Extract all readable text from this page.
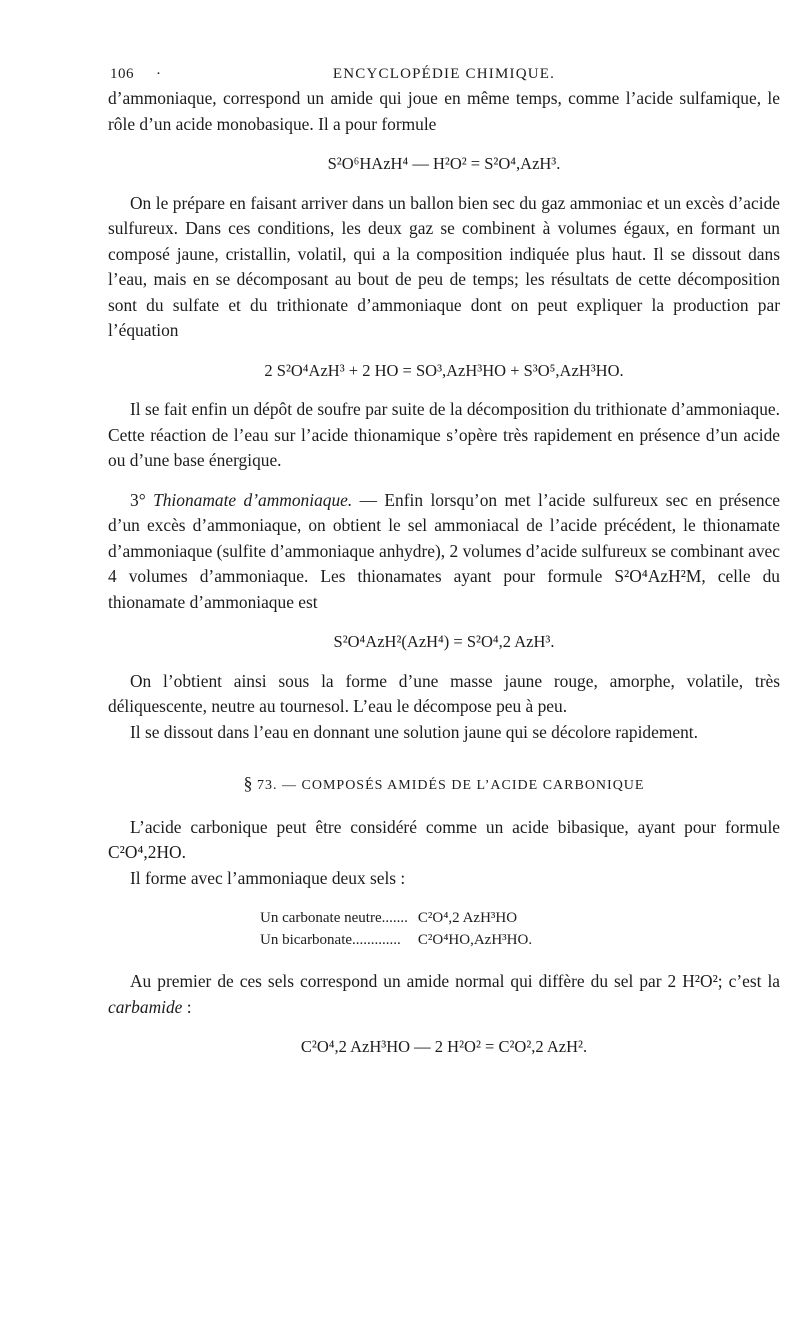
106 ·	ENCYCLOPÉDIE CHIMIQUE.

d’ammoniaque, correspond un amide qui joue en même temps, comme l’acide sulfamique, le rôle d’un acide monobasique. Il a pour formule

S²O⁶HAzH⁴ — H²O² = S²O⁴,AzH³.

On le prépare en faisant arriver dans un ballon bien sec du gaz ammoniac et un excès d’acide sulfureux. Dans ces conditions, les deux gaz se combinent à volumes égaux, en formant un composé jaune, cristallin, volatil, qui a la composition indiquée plus haut. Il se dissout dans l’eau, mais en se décomposant au bout de peu de temps; les résultats de cette décomposition sont du sulfate et du trithionate d’ammoniaque dont on peut expliquer la production par l’équation

2 S²O⁴AzH³ + 2 HO = SO³,AzH³HO + S³O⁵,AzH³HO.

Il se fait enfin un dépôt de soufre par suite de la décomposition du trithionate d’ammoniaque. Cette réaction de l’eau sur l’acide thionamique s’opère très rapidement en présence d’un acide ou d’une base énergique.

3° Thionamate d’ammoniaque. — Enfin lorsqu’on met l’acide sulfureux sec en présence d’un excès d’ammoniaque, on obtient le sel ammoniacal de l’acide précédent, le thionamate d’ammoniaque (sulfite d’ammoniaque anhydre), 2 volumes d’acide sulfureux se combinant avec 4 volumes d’ammoniaque. Les thionamates ayant pour formule S²O⁴AzH²M, celle du thionamate d’ammoniaque est

S²O⁴AzH²(AzH⁴) = S²O⁴,2 AzH³.

On l’obtient ainsi sous la forme d’une masse jaune rouge, amorphe, volatile, très déliquescente, neutre au tournesol. L’eau le décompose peu à peu.

Il se dissout dans l’eau en donnant une solution jaune qui se décolore rapidement.

§ 73. — COMPOSÉS AMIDÉS DE L’ACIDE CARBONIQUE

L’acide carbonique peut être considéré comme un acide bibasique, ayant pour formule C²O⁴,2HO.

Il forme avec l’ammoniaque deux sels :

Un carbonate neutre.......	C²O⁴,2 AzH³HO
Un bicarbonate.............	C²O⁴HO,AzH³HO.

Au premier de ces sels correspond un amide normal qui diffère du sel par 2 H²O²; c’est la carbamide :

C²O⁴,2 AzH³HO — 2 H²O² = C²O²,2 AzH².
